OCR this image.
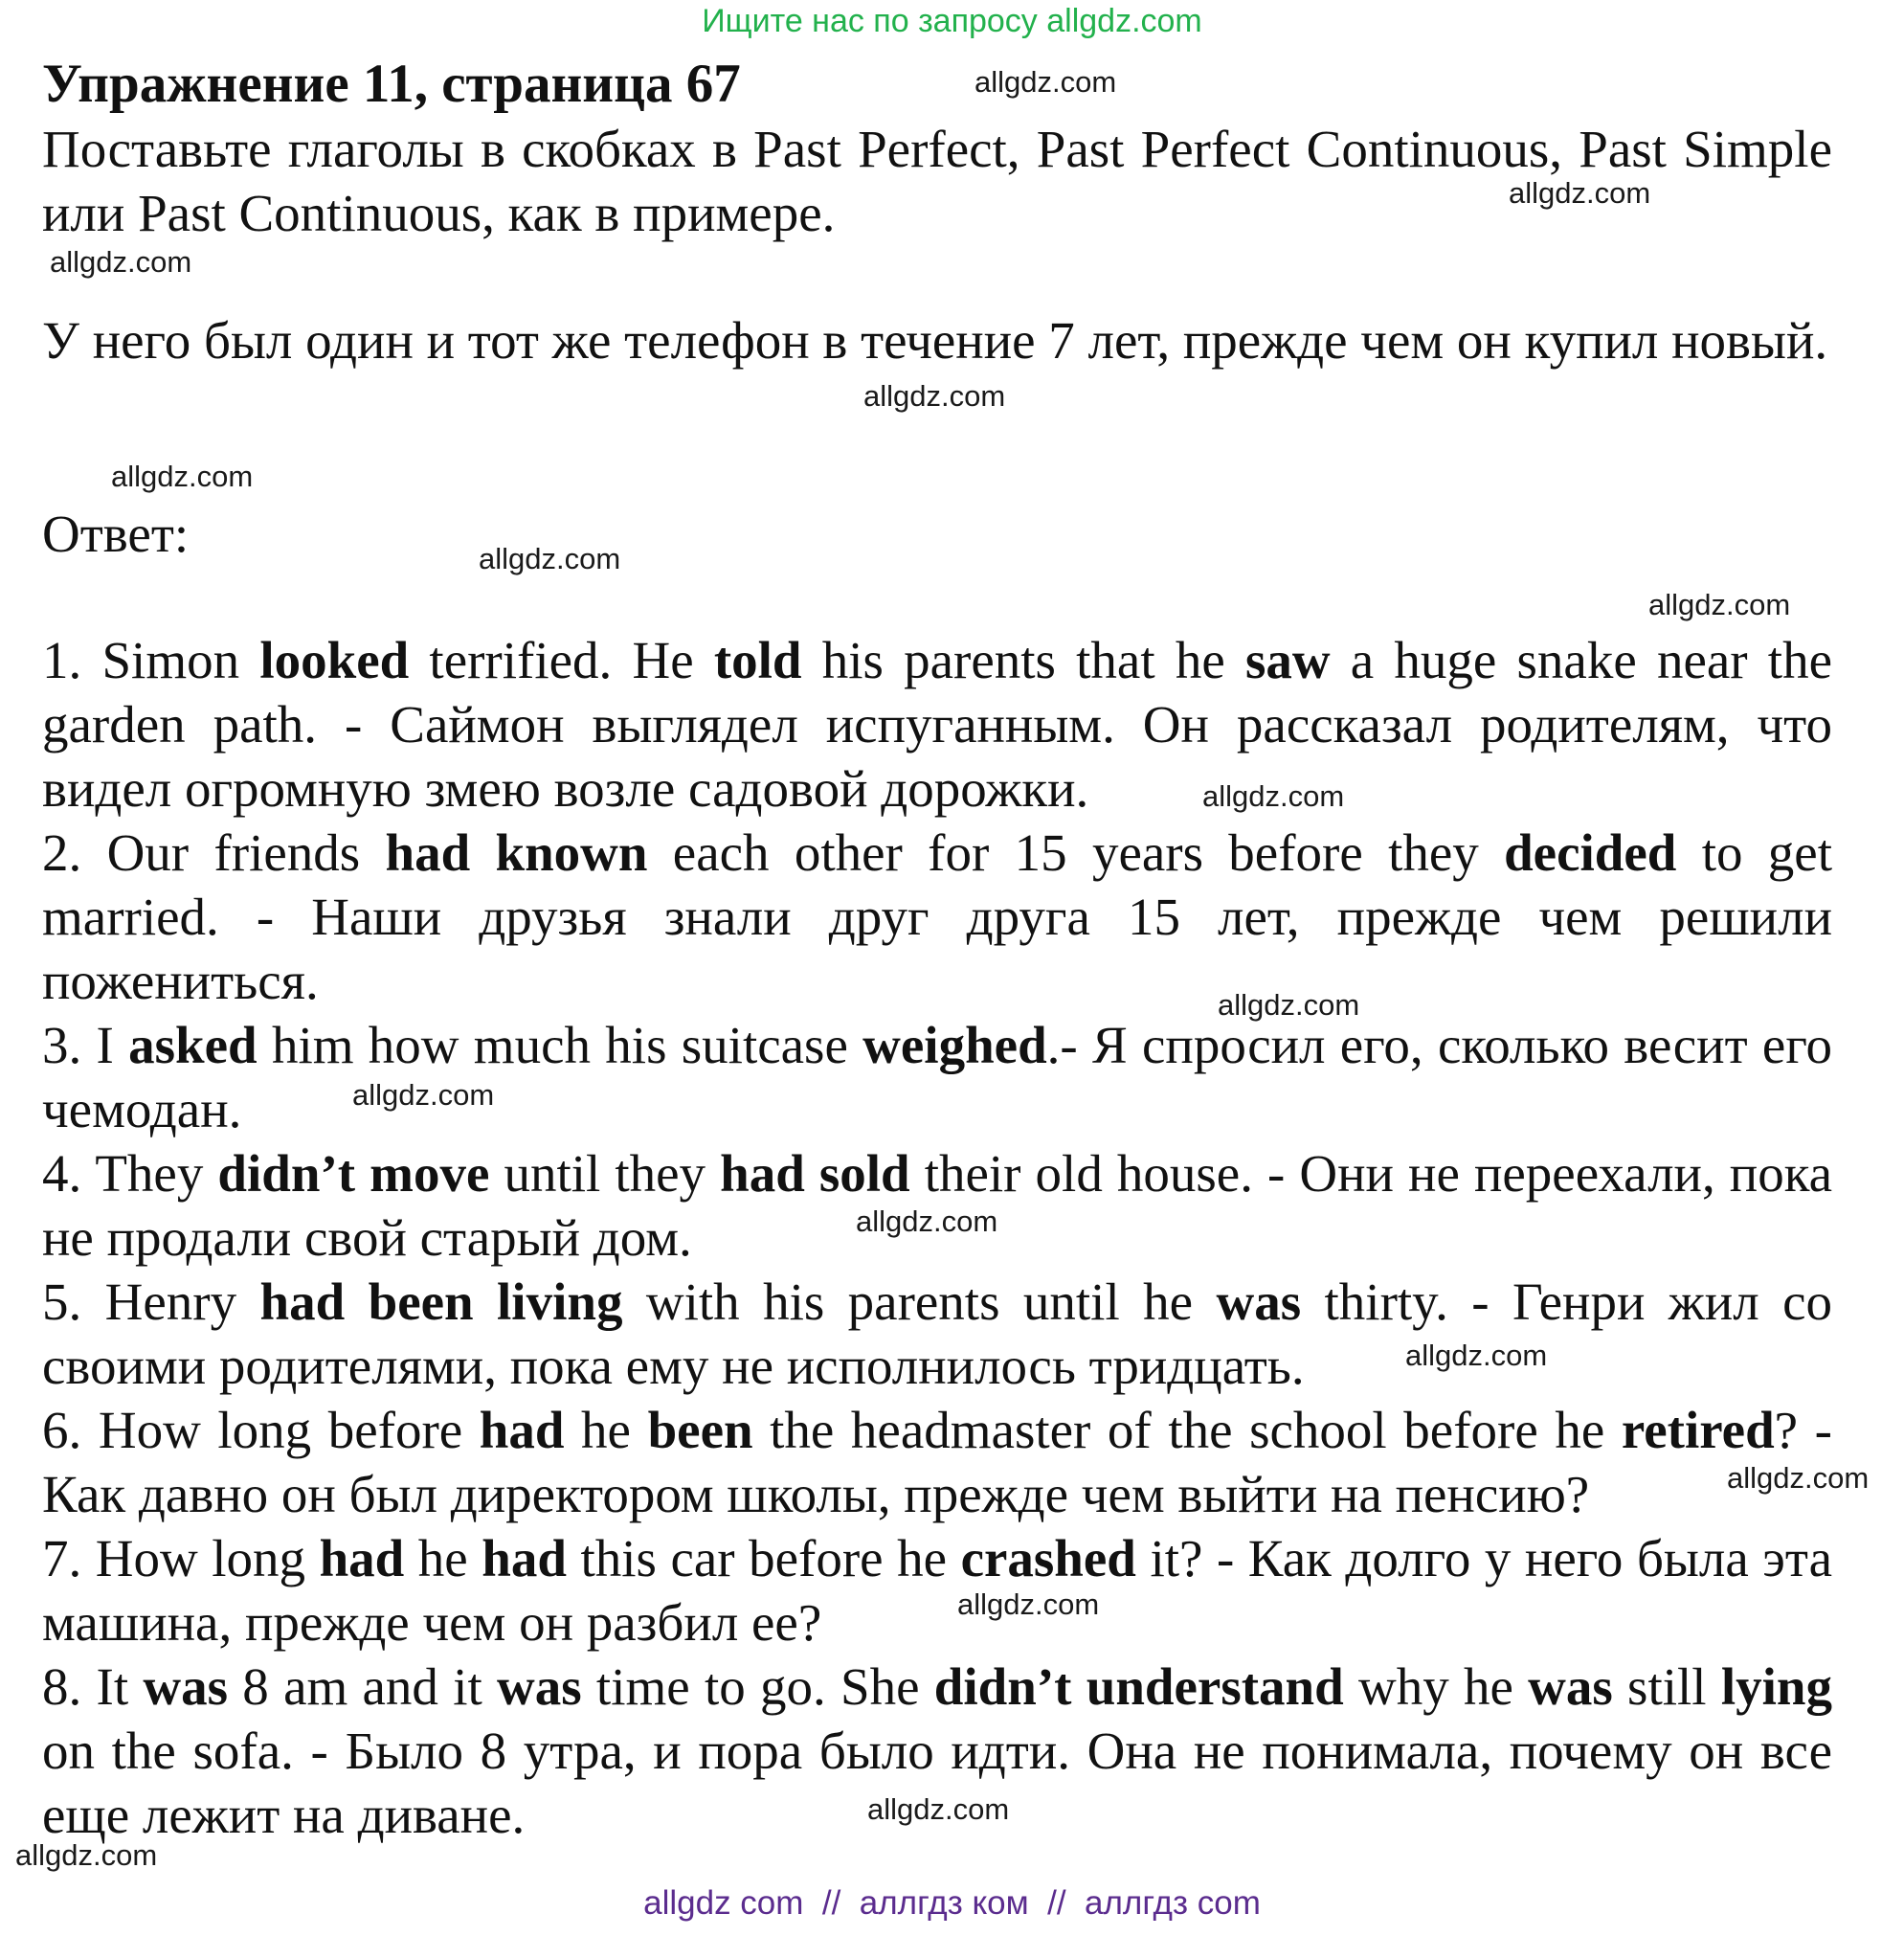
Ищите нас по запросу allgdz.com
Упражнение 11, страница 67

Поставьте глаголы в скобках в Past Perfect, Past Perfect Continuous, Past Simple или Past Continuous, как в примере.

У него был один и тот же телефон в течение 7 лет, прежде чем он купил новый.

Ответ:

1. Simon looked terrified. He told his parents that he saw a huge snake near the garden path. - Саймон выглядел испуганным. Он рассказал родителям, что видел огромную змею возле садовой дорожки.

2. Our friends had known each other for 15 years before they decided to get married. - Наши друзья знали друг друга 15 лет, прежде чем решили пожениться.

3. I asked him how much his suitcase weighed.- Я спросил его, сколько весит его чемодан.

4. They didn’t move until they had sold their old house. - Они не переехали, пока не продали свой старый дом.

5. Henry had been living with his parents until he was thirty. - Генри жил со своими родителями, пока ему не исполнилось тридцать.

6. How long before had he been the headmaster of the school before he retired? - Как давно он был директором школы, прежде чем выйти на пенсию?

7. How long had he had this car before he crashed it? - Как долго у него была эта машина, прежде чем он разбил ее?

8. It was 8 am and it was time to go. She didn’t understand why he was still lying on the sofa. - Было 8 утра, и пора было идти. Она не понимала, почему он все еще лежит на диване.

allgdz.com
allgdz.com
allgdz.com
allgdz.com
allgdz.com
allgdz.com
allgdz.com
allgdz.com
allgdz.com
allgdz.com
allgdz.com
allgdz.com
allgdz.com
allgdz.com
allgdz.com
allgdz.com
allgdz com  //  аллгдз ком  //  аллгдз com
